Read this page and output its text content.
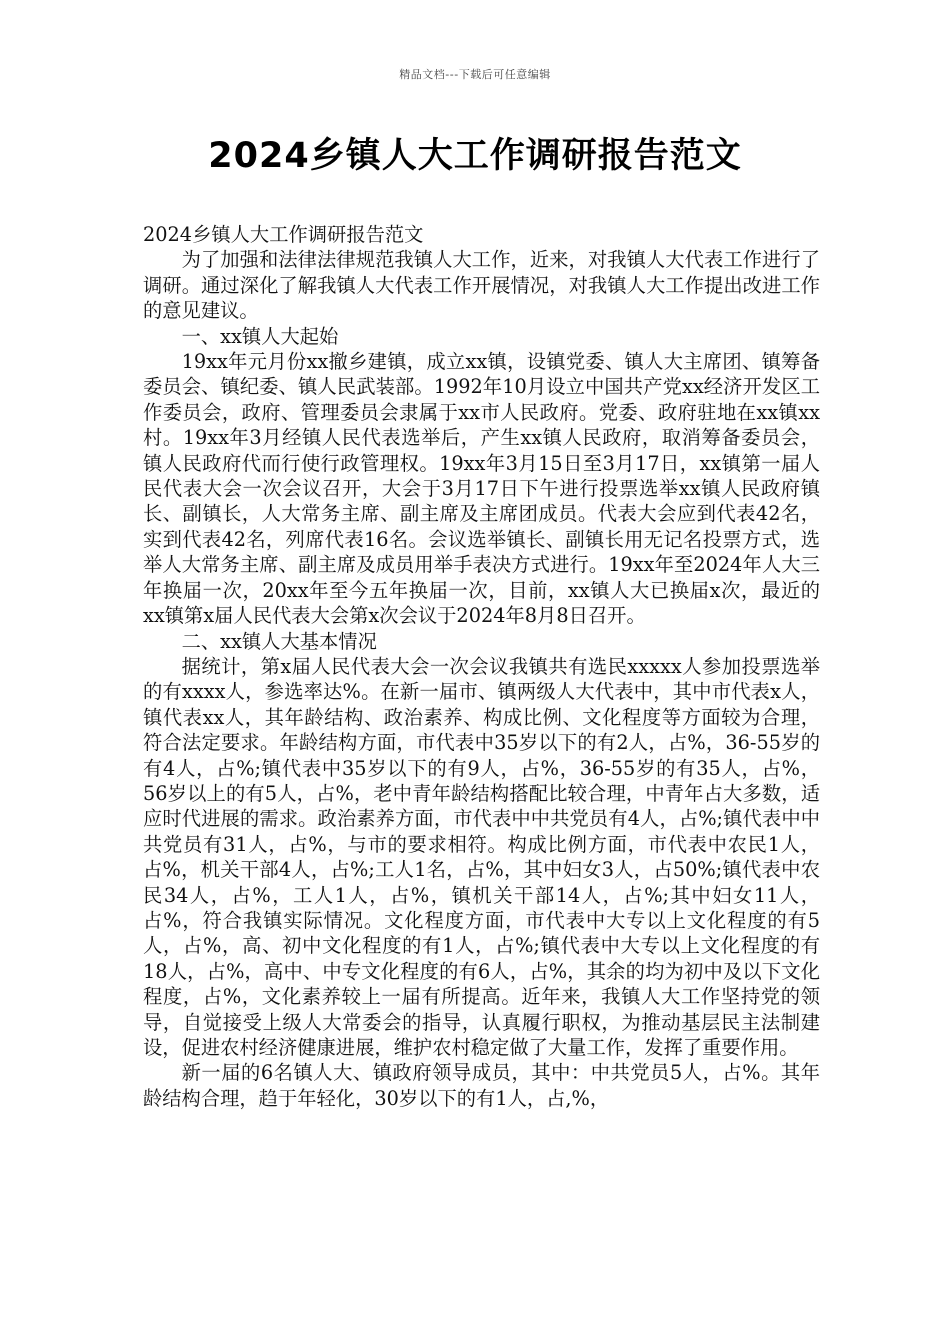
精品文档---下载后可任意编辑
2024乡镇人大工作调研报告范文

2024乡镇人大工作调研报告范文

为了加强和法律法律规范我镇人大工作，近来，对我镇人大代表工作进行了调研。通过深化了解我镇人大代表工作开展情况，对我镇人大工作提出改进工作的意见建议。

一、xx镇人大起始

19xx年元月份xx撤乡建镇，成立xx镇，设镇党委、镇人大主席团、镇筹备委员会、镇纪委、镇人民武装部。1992年10月设立中国共产党xx经济开发区工作委员会，政府、管理委员会隶属于xx市人民政府。党委、政府驻地在xx镇xx村。19xx年3月经镇人民代表选举后，产生xx镇人民政府，取消筹备委员会，镇人民政府代而行使行政管理权。19xx年3月15日至3月17日，xx镇第一届人民代表大会一次会议召开，大会于3月17日下午进行投票选举xx镇人民政府镇长、副镇长，人大常务主席、副主席及主席团成员。代表大会应到代表42名，实到代表42名，列席代表16名。会议选举镇长、副镇长用无记名投票方式，选举人大常务主席、副主席及成员用举手表决方式进行。19xx年至2024年人大三年换届一次，20xx年至今五年换届一次，目前，xx镇人大已换届x次，最近的xx镇第x届人民代表大会第x次会议于2024年8月8日召开。

二、xx镇人大基本情况

据统计，第x届人民代表大会一次会议我镇共有选民xxxxx人参加投票选举的有xxxx人，参选率达%。在新一届市、镇两级人大代表中，其中市代表x人，镇代表xx人，其年龄结构、政治素养、构成比例、文化程度等方面较为合理，符合法定要求。年龄结构方面，市代表中35岁以下的有2人，占%，36-55岁的有4人，占%;镇代表中35岁以下的有9人，占%，36-55岁的有35人，占%，56岁以上的有5人，占%，老中青年龄结构搭配比较合理，中青年占大多数，适应时代进展的需求。政治素养方面，市代表中中共党员有4人，占%;镇代表中中共党员有31人，占%，与市的要求相符。构成比例方面，市代表中农民1人，占%，机关干部4人，占%;工人1名，占%，其中妇女3人，占50%;镇代表中农民34人，占%，工人1人，占%，镇机关干部14人，占%;其中妇女11人，占%，符合我镇实际情况。文化程度方面，市代表中大专以上文化程度的有5人，占%，高、初中文化程度的有1人，占%;镇代表中大专以上文化程度的有18人，占%，高中、中专文化程度的有6人，占%，其余的均为初中及以下文化程度，占%，文化素养较上一届有所提高。近年来，我镇人大工作坚持党的领导，自觉接受上级人大常委会的指导，认真履行职权，为推动基层民主法制建设，促进农村经济健康进展，维护农村稳定做了大量工作，发挥了重要作用。

新一届的6名镇人大、镇政府领导成员，其中：中共党员5人，占%。其年龄结构合理，趋于年轻化，30岁以下的有1人，占,%，
